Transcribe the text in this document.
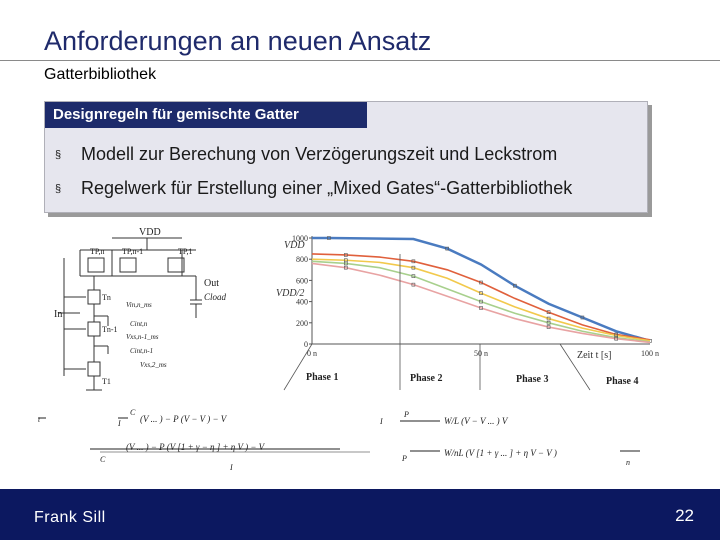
Anforderungen an neuen Ansatz
Gatterbibliothek
Designregeln für gemischte Gatter
§ Modell zur Berechung von Verzögerungszeit und Leckstrom
§ Regelwerk für Erstellung einer „Mixed Gates“-Gatterbibliothek
VDD
Out
In
Cload
TP,n TP,n-1	TP,1
Tn
Tn-1
T1
Vin,n_ms
Cint,n
Vxs,n-1_ms
Cint,n-1
Vxs,2_ms
1000
800
600
400
200
0
0 n	50 n	100 n
VDD
VDD/2
Zeit t [s]
Phase 1	Phase 2	Phase 3	Phase 4
t
C
I (V ... ) − P (V − V ) − V
C
(V ... ) − P (V [1 + γ − η ] + η V ) − V
I
I
P
W/L (V − V ... ) V
P
W/nL (V [1 + γ ... ] + η V − V )
n
Frank Sill	22
